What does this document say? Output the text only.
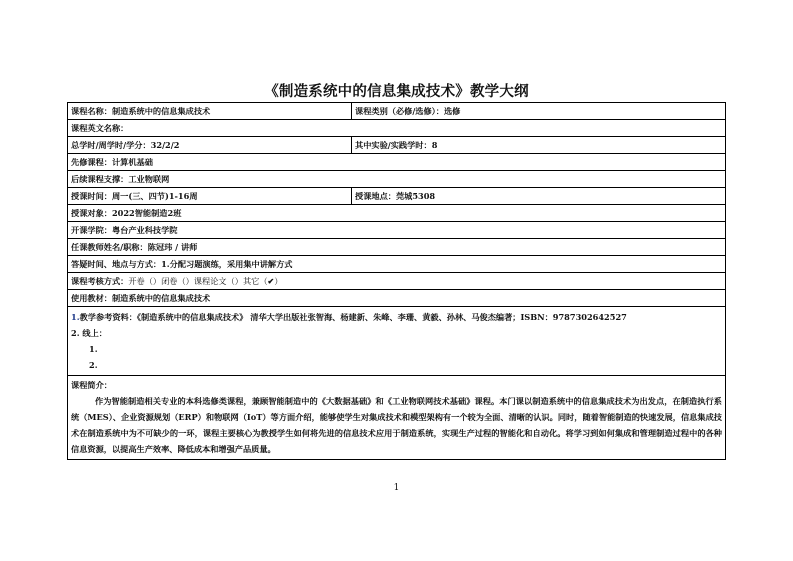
《制造系统中的信息集成技术》教学大纲
课程名称：制造系统中的信息集成技术	课程类别（必修/选修）：选修
课程英文名称：
总学时/周学时/学分：32/2/2	其中实验/实践学时：8
先修课程：计算机基础
后续课程支撑：工业物联网
授课时间：周一(三、四节)1-16周	授课地点：莞城5308
授课对象：2022智能制造2班
开课学院：粤台产业科技学院
任课教师姓名/职称：陈冠玮 / 讲师
答疑时间、地点与方式：1.分配习题演练，采用集中讲解方式
课程考核方式：开卷（）闭卷（）课程论文（）其它（✔）
使用教材：制造系统中的信息集成技术
1.教学参考资料：《制造系统中的信息集成技术》 清华大学出版社张智海、杨建新、朱峰、李珊、黄毅、孙林、马俊杰编著；ISBN：9787302642527
2. 线上：
1.
2.
课程简介：
作为智能制造相关专业的本科选修类课程，兼顾智能制造中的《大数据基础》和《工业物联网技术基础》课程。本门课以制造系统中的信息集成技术为出发点，在制造执行系统（MES）、企业资源规划（ERP）和物联网（IoT）等方面介绍，能够使学生对集成技术和模型架构有一个较为全面、清晰的认识。同时，随着智能制造的快速发展，信息集成技术在制造系统中为不可缺少的一环，课程主要核心为教授学生如何将先进的信息技术应用于制造系统，实现生产过程的智能化和自动化。将学习到如何集成和管理制造过程中的各种信息资源，以提高生产效率、降低成本和增强产品质量。
1
